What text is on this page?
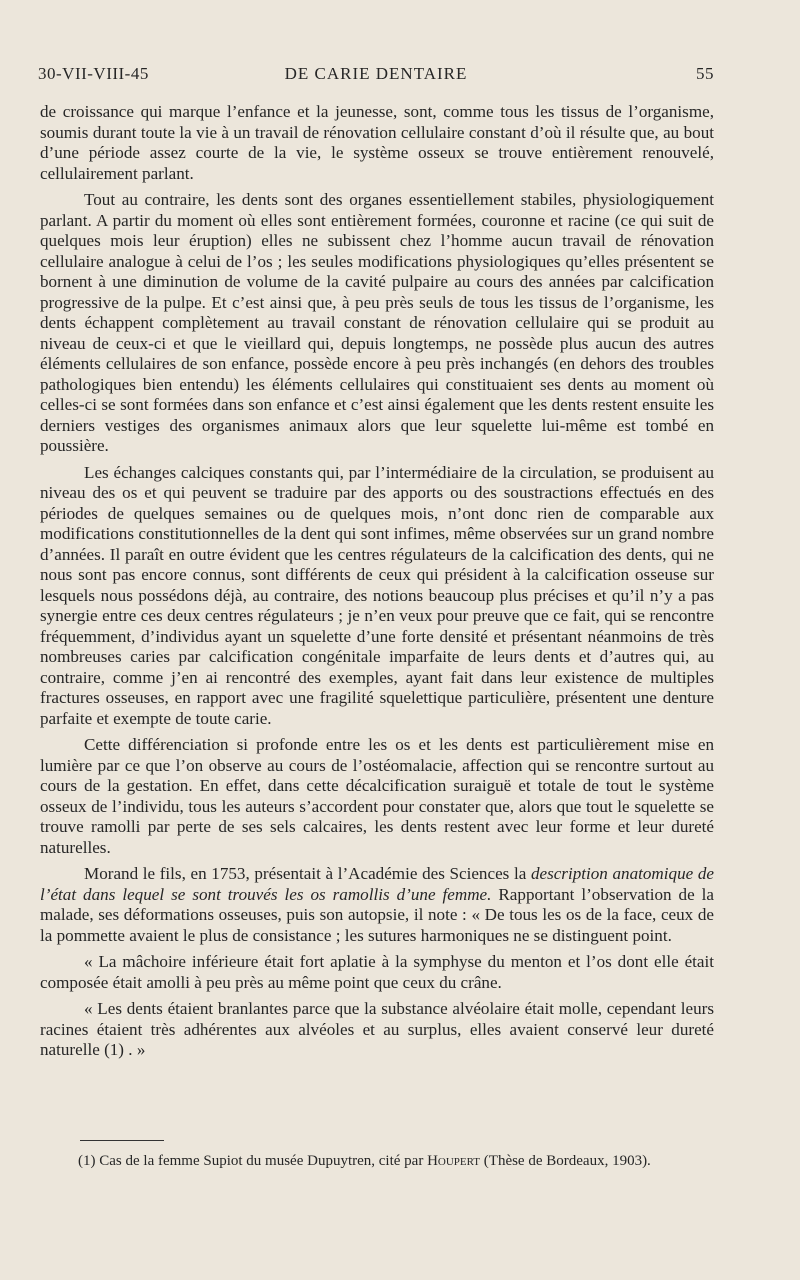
30-VII-VIII-45	DE CARIE DENTAIRE	55

de croissance qui marque l’enfance et la jeunesse, sont, comme tous les tissus de l’organisme, soumis durant toute la vie à un travail de rénovation cellulaire constant d’où il résulte que, au bout d’une période assez courte de la vie, le système osseux se trouve entièrement renouvelé, cellulairement parlant.

Tout au contraire, les dents sont des organes essentiellement stabiles, physiologiquement parlant. A partir du moment où elles sont entièrement formées, couronne et racine (ce qui suit de quelques mois leur éruption) elles ne subissent chez l’homme aucun travail de rénovation cellulaire analogue à celui de l’os ; les seules modifications physiologiques qu’elles présentent se bornent à une diminution de volume de la cavité pulpaire au cours des années par calcification progressive de la pulpe. Et c’est ainsi que, à peu près seuls de tous les tissus de l’organisme, les dents échappent complètement au travail constant de rénovation cellulaire qui se produit au niveau de ceux-ci et que le vieillard qui, depuis longtemps, ne possède plus aucun des autres éléments cellulaires de son enfance, possède encore à peu près inchangés (en dehors des troubles pathologiques bien entendu) les éléments cellulaires qui constituaient ses dents au moment où celles-ci se sont formées dans son enfance et c’est ainsi également que les dents restent ensuite les derniers vestiges des organismes animaux alors que leur squelette lui-même est tombé en poussière.

Les échanges calciques constants qui, par l’intermédiaire de la circulation, se produisent au niveau des os et qui peuvent se traduire par des apports ou des soustractions effectués en des périodes de quelques semaines ou de quelques mois, n’ont donc rien de comparable aux modifications constitutionnelles de la dent qui sont infimes, même observées sur un grand nombre d’années. Il paraît en outre évident que les centres régulateurs de la calcification des dents, qui ne nous sont pas encore connus, sont différents de ceux qui président à la calcification osseuse sur lesquels nous possédons déjà, au contraire, des notions beaucoup plus précises et qu’il n’y a pas synergie entre ces deux centres régulateurs ; je n’en veux pour preuve que ce fait, qui se rencontre fréquemment, d’individus ayant un squelette d’une forte densité et présentant néanmoins de très nombreuses caries par calcification congénitale imparfaite de leurs dents et d’autres qui, au contraire, comme j’en ai rencontré des exemples, ayant fait dans leur existence de multiples fractures osseuses, en rapport avec une fragilité squelettique particulière, présentent une denture parfaite et exempte de toute carie.

Cette différenciation si profonde entre les os et les dents est particulièrement mise en lumière par ce que l’on observe au cours de l’ostéomalacie, affection qui se rencontre surtout au cours de la gestation. En effet, dans cette décalcification suraiguë et totale de tout le système osseux de l’individu, tous les auteurs s’accordent pour constater que, alors que tout le squelette se trouve ramolli par perte de ses sels calcaires, les dents restent avec leur forme et leur dureté naturelles.

Morand le fils, en 1753, présentait à l’Académie des Sciences la description anatomique de l’état dans lequel se sont trouvés les os ramollis d’une femme. Rapportant l’observation de la malade, ses déformations osseuses, puis son autopsie, il note : « De tous les os de la face, ceux de la pommette avaient le plus de consistance ; les sutures harmoniques ne se distinguent point.

« La mâchoire inférieure était fort aplatie à la symphyse du menton et l’os dont elle était composée était amolli à peu près au même point que ceux du crâne.

« Les dents étaient branlantes parce que la substance alvéolaire était molle, cependant leurs racines étaient très adhérentes aux alvéoles et au surplus, elles avaient conservé leur dureté naturelle (1) . »

(1) Cas de la femme Supiot du musée Dupuytren, cité par Houpert (Thèse de Bordeaux, 1903).
